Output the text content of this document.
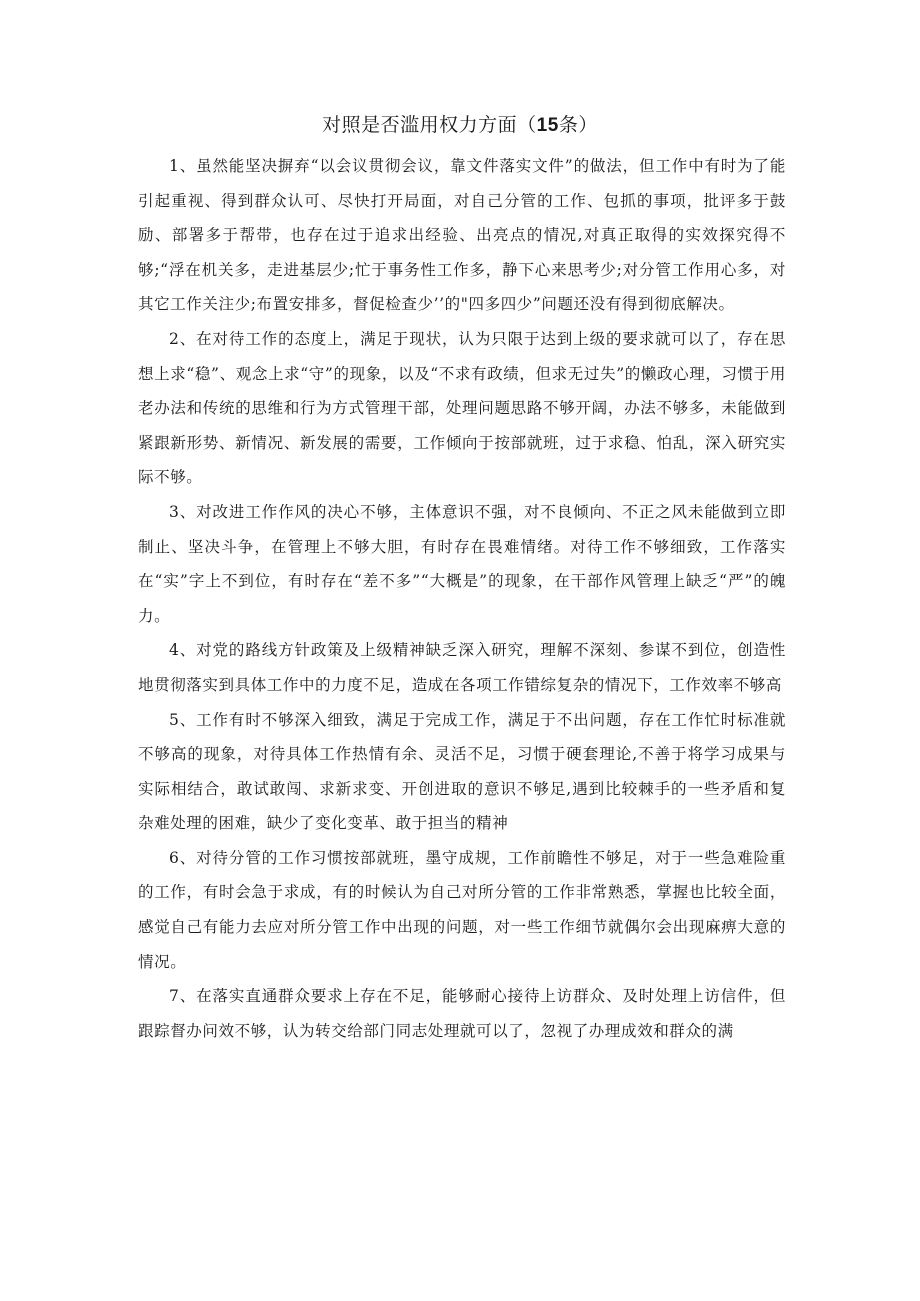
对照是否滥用权力方面（15条）

1、虽然能坚决摒弃“以会议贯彻会议，靠文件落实文件”的做法，但工作中有时为了能引起重视、得到群众认可、尽快打开局面，对自己分管的工作、包抓的事项，批评多于鼓励、部署多于帮带，也存在过于追求出经验、出亮点的情况,对真正取得的实效探究得不够;“浮在机关多，走进基层少;忙于事务性工作多，静下心来思考少;对分管工作用心多，对其它工作关注少;布置安排多，督促检查少’’的"四多四少”问题还没有得到彻底解决。

2、在对待工作的态度上，满足于现状，认为只限于达到上级的要求就可以了，存在思想上求“稳”、观念上求“守”的现象，以及“不求有政绩，但求无过失”的懒政心理，习惯于用老办法和传统的思维和行为方式管理干部，处理问题思路不够开阔，办法不够多，未能做到紧跟新形势、新情况、新发展的需要，工作倾向于按部就班，过于求稳、怕乱，深入研究实际不够。

3、对改进工作作风的决心不够，主体意识不强，对不良倾向、不正之风未能做到立即制止、坚决斗争，在管理上不够大胆，有时存在畏难情绪。对待工作不够细致，工作落实在“实”字上不到位，有时存在“差不多”“大概是”的现象，在干部作风管理上缺乏“严”的魄力。

4、对党的路线方针政策及上级精神缺乏深入研究，理解不深刻、参谋不到位，创造性地贯彻落实到具体工作中的力度不足，造成在各项工作错综复杂的情况下，工作效率不够高

5、工作有时不够深入细致，满足于完成工作，满足于不出问题，存在工作忙时标准就不够高的现象，对待具体工作热情有余、灵活不足，习惯于硬套理论,不善于将学习成果与实际相结合，敢试敢闯、求新求变、开创进取的意识不够足,遇到比较棘手的一些矛盾和复杂难处理的困难，缺少了变化变革、敢于担当的精神

6、对待分管的工作习惯按部就班，墨守成规，工作前瞻性不够足，对于一些急难险重的工作，有时会急于求成，有的时候认为自己对所分管的工作非常熟悉，掌握也比较全面，感觉自己有能力去应对所分管工作中出现的问题，对一些工作细节就偶尔会出现麻痹大意的情况。

7、在落实直通群众要求上存在不足，能够耐心接待上访群众、及时处理上访信件，但跟踪督办问效不够，认为转交给部门同志处理就可以了，忽视了办理成效和群众的满
